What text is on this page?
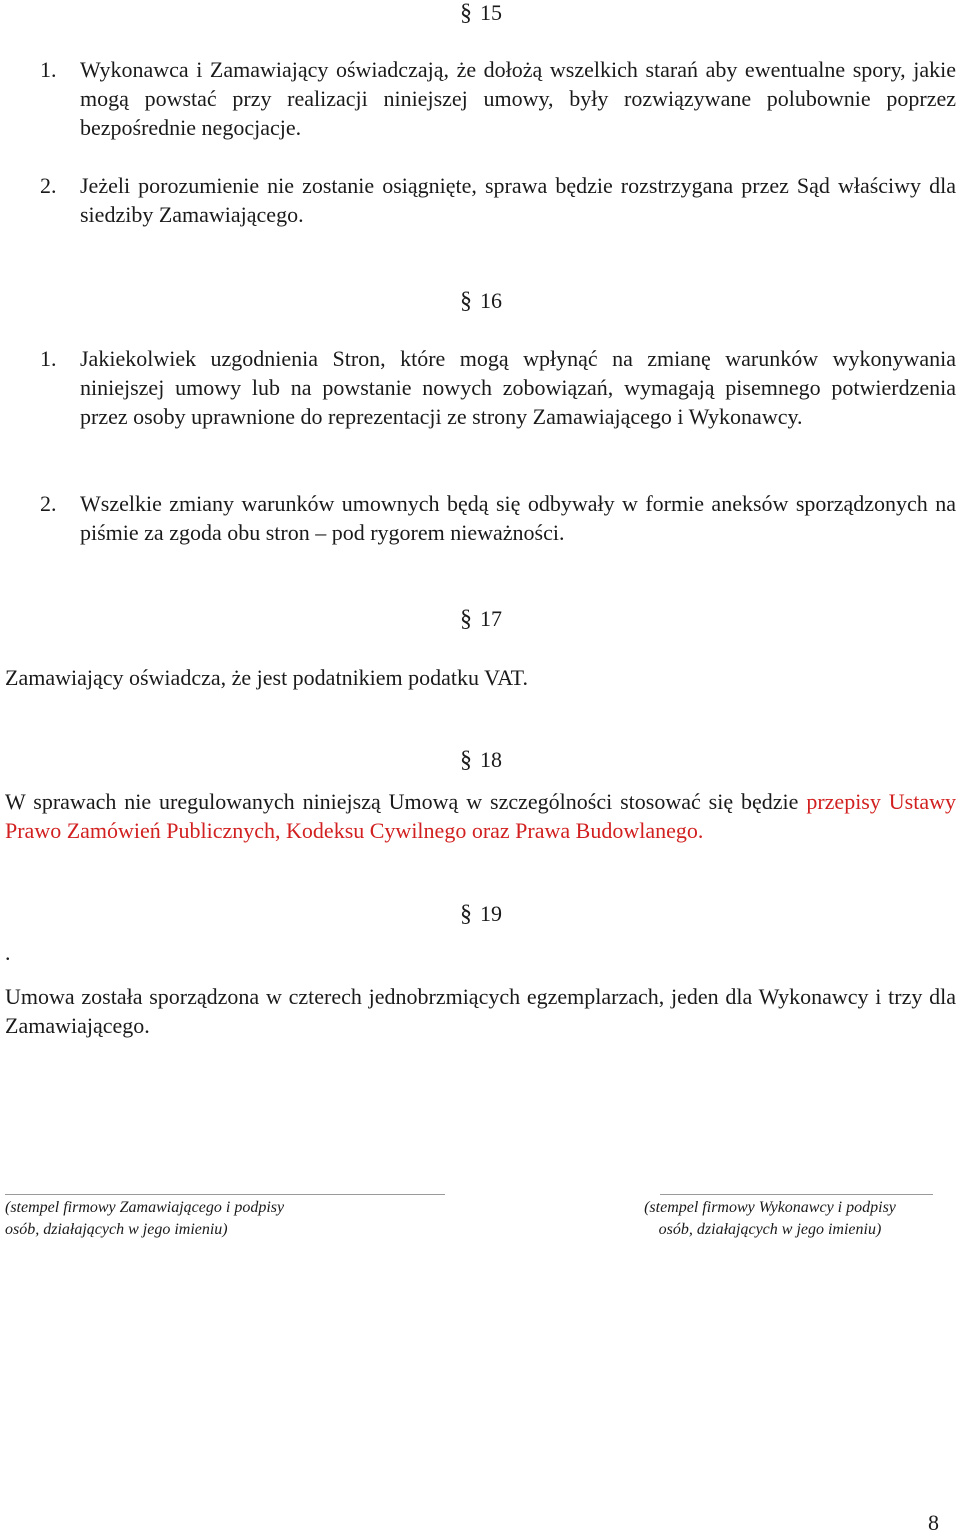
§ 15
1. Wykonawca i Zamawiający oświadczają, że dołożą wszelkich starań aby ewentualne spory, jakie mogą powstać przy realizacji niniejszej umowy, były rozwiązywane polubownie poprzez bezpośrednie negocjacje.
2. Jeżeli porozumienie nie zostanie osiągnięte, sprawa będzie rozstrzygana przez Sąd właściwy dla siedziby Zamawiającego.
§ 16
1. Jakiekolwiek uzgodnienia Stron, które mogą wpłynąć na zmianę warunków wykonywania niniejszej umowy lub na powstanie nowych zobowiązań, wymagają pisemnego potwierdzenia przez osoby uprawnione do reprezentacji ze strony Zamawiającego i Wykonawcy.
2. Wszelkie zmiany warunków umownych będą się odbywały w formie aneksów sporządzonych na piśmie za zgoda obu stron – pod rygorem nieważności.
§ 17
Zamawiający oświadcza, że jest podatnikiem podatku VAT.
§ 18
W sprawach nie uregulowanych niniejszą Umową w szczególności stosować się będzie przepisy Ustawy Prawo Zamówień Publicznych, Kodeksu Cywilnego oraz Prawa Budowlanego.
§ 19
.
Umowa została sporządzona w czterech jednobrzmiących egzemplarzach, jeden dla Wykonawcy i trzy dla Zamawiającego.
(stempel firmowy Zamawiającego i podpisy
osób, działających w jego imieniu)
(stempel firmowy Wykonawcy i podpisy
osób, działających w jego imieniu)
8
